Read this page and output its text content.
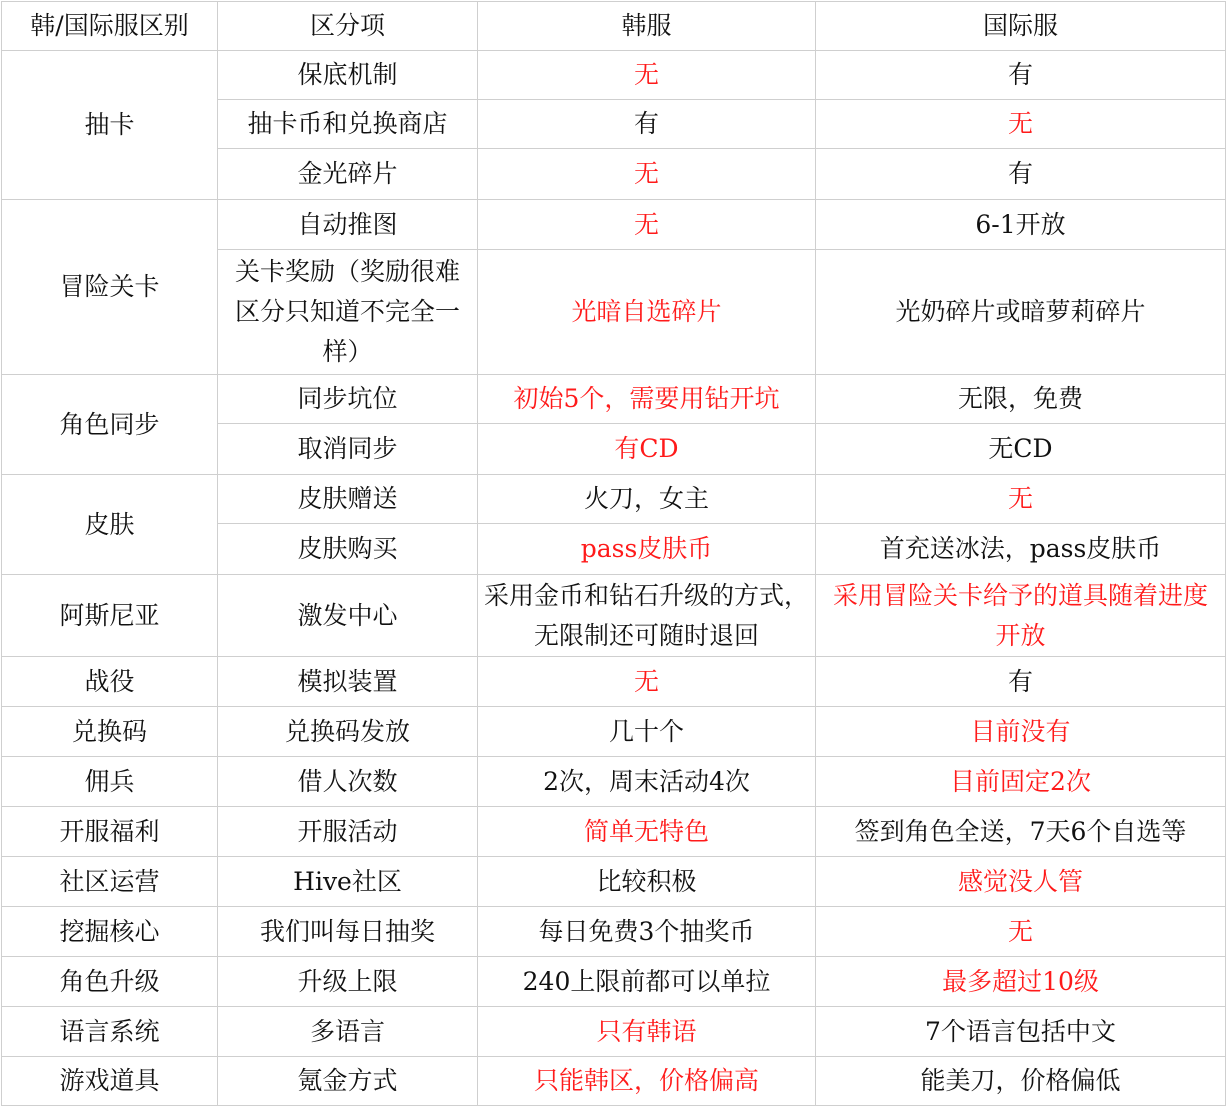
韩/国际服区别	区分项	韩服	国际服
抽卡	保底机制	无	有
	抽卡币和兑换商店	有	无
	金光碎片	无	有
冒险关卡	自动推图	无	6-1开放
	关卡奖励（奖励很难区分只知道不完全一样）	光暗自选碎片	光奶碎片或暗萝莉碎片
角色同步	同步坑位	初始5个，需要用钻开坑	无限，免费
	取消同步	有CD	无CD
皮肤	皮肤赠送	火刀，女主	无
	皮肤购买	pass皮肤币	首充送冰法，pass皮肤币
阿斯尼亚	激发中心	采用金币和钻石升级的方式，无限制还可随时退回	采用冒险关卡给予的道具随着进度开放
战役	模拟装置	无	有
兑换码	兑换码发放	几十个	目前没有
佣兵	借人次数	2次，周末活动4次	目前固定2次
开服福利	开服活动	简单无特色	签到角色全送，7天6个自选等
社区运营	Hive社区	比较积极	感觉没人管
挖掘核心	我们叫每日抽奖	每日免费3个抽奖币	无
角色升级	升级上限	240上限前都可以单拉	最多超过10级
语言系统	多语言	只有韩语	7个语言包括中文
游戏道具	氪金方式	只能韩区，价格偏高	能美刀，价格偏低
